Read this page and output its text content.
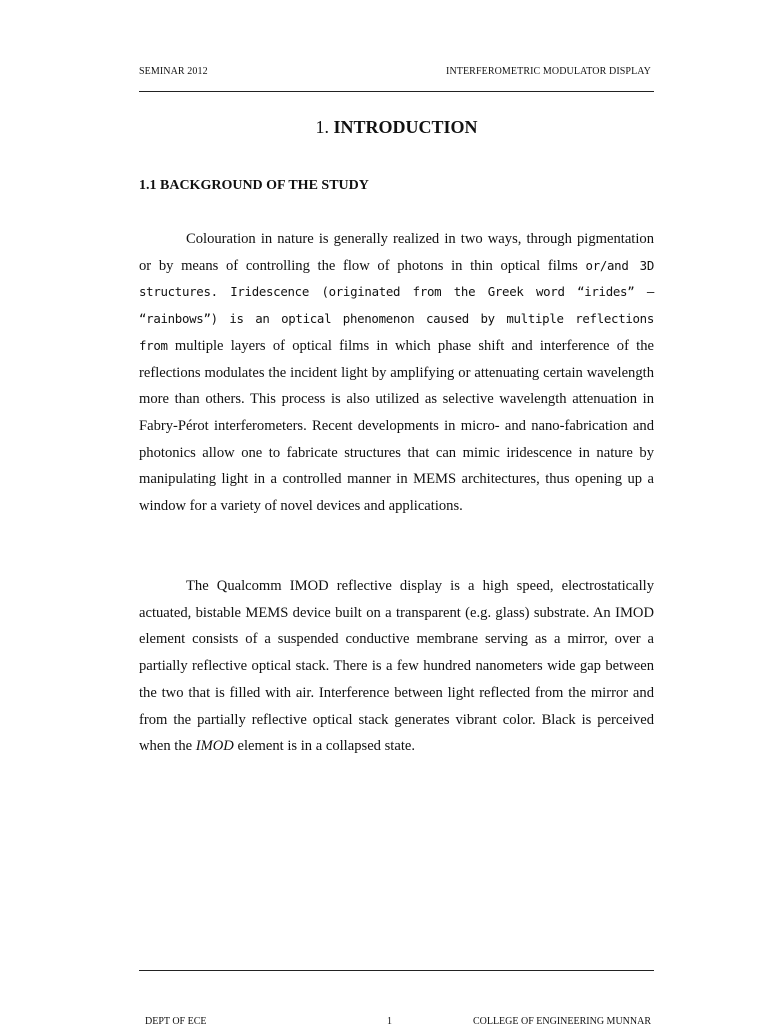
SEMINAR 2012	INTERFEROMETRIC MODULATOR DISPLAY
1. INTRODUCTION
1.1 BACKGROUND OF THE STUDY

Colouration in nature is generally realized in two ways, through pigmentation or by means of controlling the flow of photons in thin optical films or/and 3D structures. Iridescence (originated from the Greek word “irides” – “rainbows”) is an optical phenomenon caused by multiple reflections from multiple layers of optical films in which phase shift and interference of the reflections modulates the incident light by amplifying or attenuating certain wavelength more than others. This process is also utilized as selective wavelength attenuation in Fabry-Pérot interferometers. Recent developments in micro- and nano-fabrication and photonics allow one to fabricate structures that can mimic iridescence in nature by manipulating light in a controlled manner in MEMS architectures, thus opening up a window for a variety of novel devices and applications.

The Qualcomm IMOD reflective display is a high speed, electrostatically actuated, bistable MEMS device built on a transparent (e.g. glass) substrate. An IMOD element consists of a suspended conductive membrane serving as a mirror, over a partially reflective optical stack. There is a few hundred nanometers wide gap between the two that is filled with air. Interference between light reflected from the mirror and from the partially reflective optical stack generates vibrant color. Black is perceived when the IMOD element is in a collapsed state.

DEPT OF ECE	1	COLLEGE OF ENGINEERING MUNNAR
